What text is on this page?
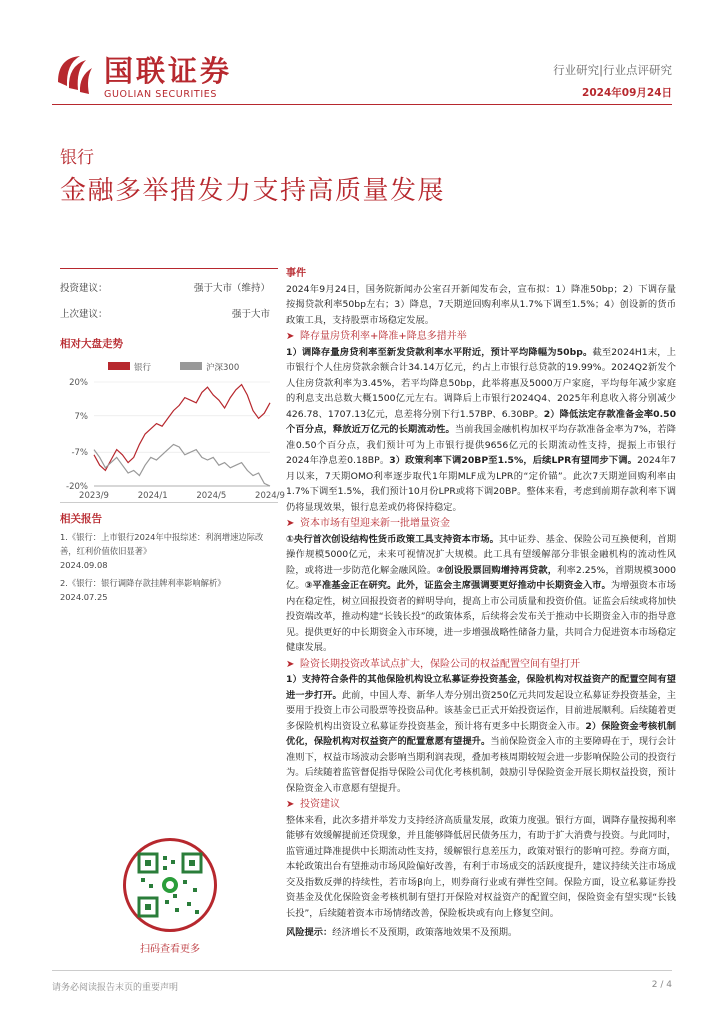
国联证券
GUOLIAN SECURITIES
行业研究|行业点评研究
2024年09月24日
银行
金融多举措发力支持高质量发展
投资建议：	强于大市（维持）
上次建议：	强于大市
相对大盘走势
银行	沪深300
20%
7%
-7%
-20%
2023/9	2024/1	2024/5	2024/9
相关报告
1.《银行：上市银行2024年中报综述：利润增速边际改善，红利价值依旧显著》
2024.09.08
2.《银行：银行调降存款挂牌利率影响解析》
2024.07.25
扫码查看更多
事件

2024年9月24日，国务院新闻办公室召开新闻发布会，宣布拟：1）降准50bp；2）下调存量按揭贷款利率50bp左右；3）降息，7天期逆回购利率从1.7%下调至1.5%；4）创设新的货币政策工具，支持股票市场稳定发展。

➤ 降存量房贷利率+降准+降息多措并举

1）调降存量房贷利率至新发贷款利率水平附近，预计平均降幅为50bp。截至2024H1末，上市银行个人住房贷款余额合计34.14万亿元，约占上市银行总贷款的19.99%。2024Q2新发个人住房贷款利率为3.45%，若平均降息50bp，此举将惠及5000万户家庭，平均每年减少家庭的利息支出总数大概1500亿元左右。调降后上市银行2024Q4、2025年利息收入将分别减少426.78、1707.13亿元，息差将分别下行1.57BP、6.30BP。2）降低法定存款准备金率0.50个百分点，释放近万亿元的长期流动性。当前我国金融机构加权平均存款准备金率为7%，若降准0.50个百分点，我们预计可为上市银行提供9656亿元的长期流动性支持，提振上市银行2024年净息差0.18BP。3）政策利率下调20BP至1.5%，后续LPR有望同步下调。2024年7月以来，7天期OMO利率逐步取代1年期MLF成为LPR的“定价锚”。此次7天期逆回购利率由1.7%下调至1.5%，我们预计10月份LPR或将下调20BP。整体来看，考虑到前期存款利率下调仍将显现效果，银行息差或仍将保持稳定。

➤ 资本市场有望迎来新一批增量资金

①央行首次创设结构性货币政策工具支持资本市场。其中证券、基金、保险公司互换便利，首期操作规模5000亿元，未来可视情况扩大规模。此工具有望缓解部分非银金融机构的流动性风险，或将进一步防范化解金融风险。②创设股票回购增持再贷款，利率2.25%，首期规模3000亿。③平准基金正在研究。此外，证监会主席强调要更好推动中长期资金入市。为增强资本市场内在稳定性，树立回报投资者的鲜明导向，提高上市公司质量和投资价值。证监会后续或将加快投资端改革，推动构建“长钱长投”的政策体系，后续将会发布关于推动中长期资金入市的指导意见。提供更好的中长期资金入市环境，进一步增强战略性储备力量，共同合力促进资本市场稳定健康发展。

➤ 险资长期投资改革试点扩大，保险公司的权益配置空间有望打开

1）支持符合条件的其他保险机构设立私募证券投资基金，保险机构对权益资产的配置空间有望进一步打开。此前，中国人寿、新华人寿分别出资250亿元共同发起设立私募证券投资基金，主要用于投资上市公司股票等投资品种。该基金已正式开始投资运作，目前进展顺利。后续随着更多保险机构出资设立私募证券投资基金，预计将有更多中长期资金入市。2）保险资金考核机制优化，保险机构对权益资产的配置意愿有望提升。当前保险资金入市的主要障碍在于，现行会计准则下，权益市场波动会影响当期利润表现，叠加考核周期较短会进一步影响保险公司的投资行为。后续随着监管督促指导保险公司优化考核机制，鼓励引导保险资金开展长期权益投资，预计保险资金入市意愿有望提升。

➤ 投资建议

整体来看，此次多措并举发力支持经济高质量发展，政策力度强。银行方面，调降存量按揭利率能够有效缓解提前还贷现象，并且能够降低居民债务压力，有助于扩大消费与投资。与此同时，监管通过降准提供中长期流动性支持，缓解银行息差压力，政策对银行的影响可控。券商方面，本轮政策出台有望推动市场风险偏好改善，有利于市场成交的活跃度提升，建议持续关注市场成交及指数反弹的持续性，若市场β向上，则券商行业或有弹性空间。保险方面，设立私募证券投资基金及优化保险资金考核机制有望打开保险对权益资产的配置空间，保险资金有望实现“长钱长投”，后续随着资本市场情绪改善，保险板块或有向上修复空间。

风险提示：经济增长不及预期，政策落地效果不及预期。

请务必阅读报告末页的重要声明	2 / 4
